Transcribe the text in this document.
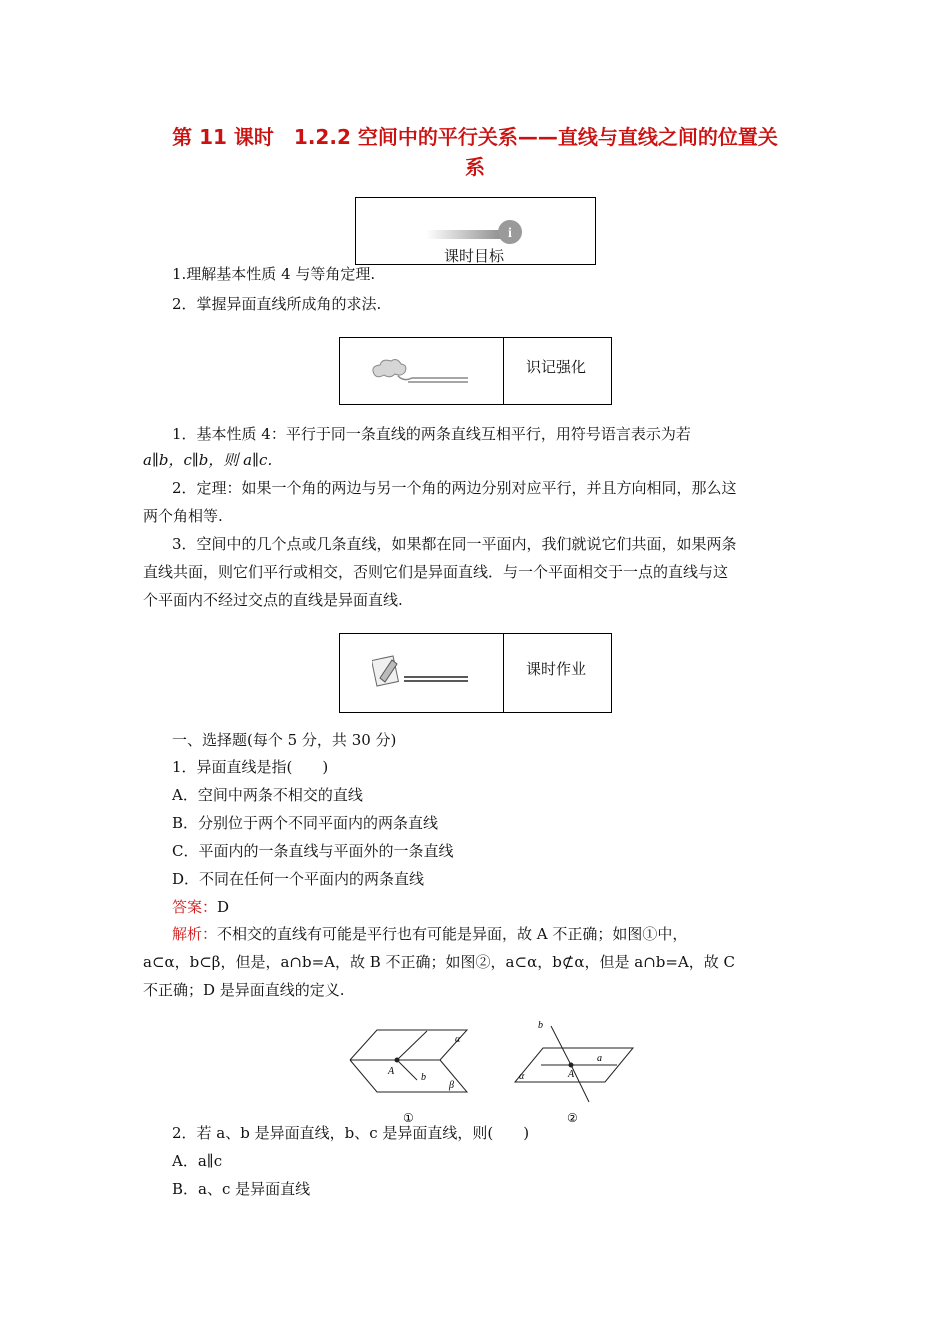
第 11 课时　1.2.2 空间中的平行关系——直线与直线之间的位置关
系
i
课时目标
1.理解基本性质 4 与等角定理.
2．掌握异面直线所成角的求法.
识记强化
1．基本性质 4：平行于同一条直线的两条直线互相平行，用符号语言表示为若
a∥b，c∥b，则 a∥c.
2．定理：如果一个角的两边与另一个角的两边分别对应平行，并且方向相同，那么这
两个角相等.
3．空间中的几个点或几条直线，如果都在同一平面内，我们就说它们共面，如果两条
直线共面，则它们平行或相交，否则它们是异面直线．与一个平面相交于一点的直线与这
个平面内不经过交点的直线是异面直线.
课时作业
一、选择题(每个 5 分，共 30 分)
1．异面直线是指(　　)
A．空间中两条不相交的直线
B．分别位于两个不同平面内的两条直线
C．平面内的一条直线与平面外的一条直线
D．不同在任何一个平面内的两条直线
答案：D
解析：不相交的直线有可能是平行也有可能是异面，故 A 不正确；如图①中，
a⊂α，b⊂β，但是，a∩b=A，故 B 不正确；如图②，a⊂α，b⊄α，但是 a∩b=A，故 C
不正确；D 是异面直线的定义.
α
β
A
b
①
b
a
α	A
②
2．若 a、b 是异面直线，b、c 是异面直线，则(　　)
A．a∥c
B．a、c 是异面直线
